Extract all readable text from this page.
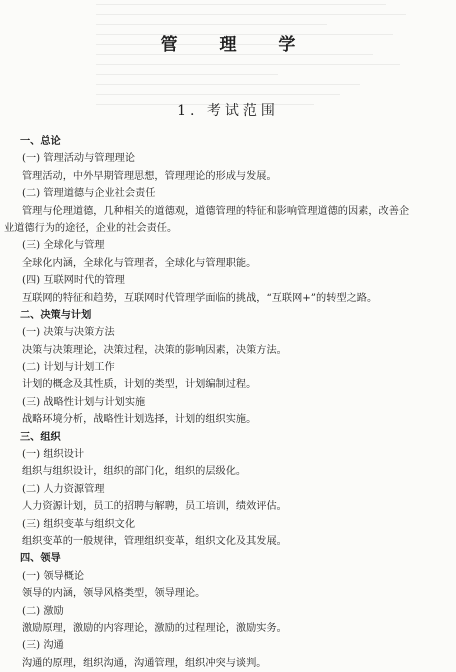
管 理 学
1. 考试范围
一、总论
(一) 管理活动与管理理论
管理活动，中外早期管理思想，管理理论的形成与发展。
(二) 管理道德与企业社会责任
管理与伦理道德，几种相关的道德观，道德管理的特征和影响管理道德的因素，改善企
业道德行为的途径，企业的社会责任。
(三) 全球化与管理
全球化内涵，全球化与管理者，全球化与管理职能。
(四) 互联网时代的管理
互联网的特征和趋势，互联网时代管理学面临的挑战，“互联网+”的转型之路。
二、决策与计划
(一) 决策与决策方法
决策与决策理论，决策过程，决策的影响因素，决策方法。
(二) 计划与计划工作
计划的概念及其性质，计划的类型，计划编制过程。
(三) 战略性计划与计划实施
战略环境分析，战略性计划选择，计划的组织实施。
三、组织
(一) 组织设计
组织与组织设计，组织的部门化，组织的层级化。
(二) 人力资源管理
人力资源计划，员工的招聘与解聘，员工培训，绩效评估。
(三) 组织变革与组织文化
组织变革的一般规律，管理组织变革，组织文化及其发展。
四、领导
(一) 领导概论
领导的内涵，领导风格类型，领导理论。
(二) 激励
激励原理，激励的内容理论，激励的过程理论，激励实务。
(三) 沟通
沟通的原理，组织沟通，沟通管理，组织冲突与谈判。
